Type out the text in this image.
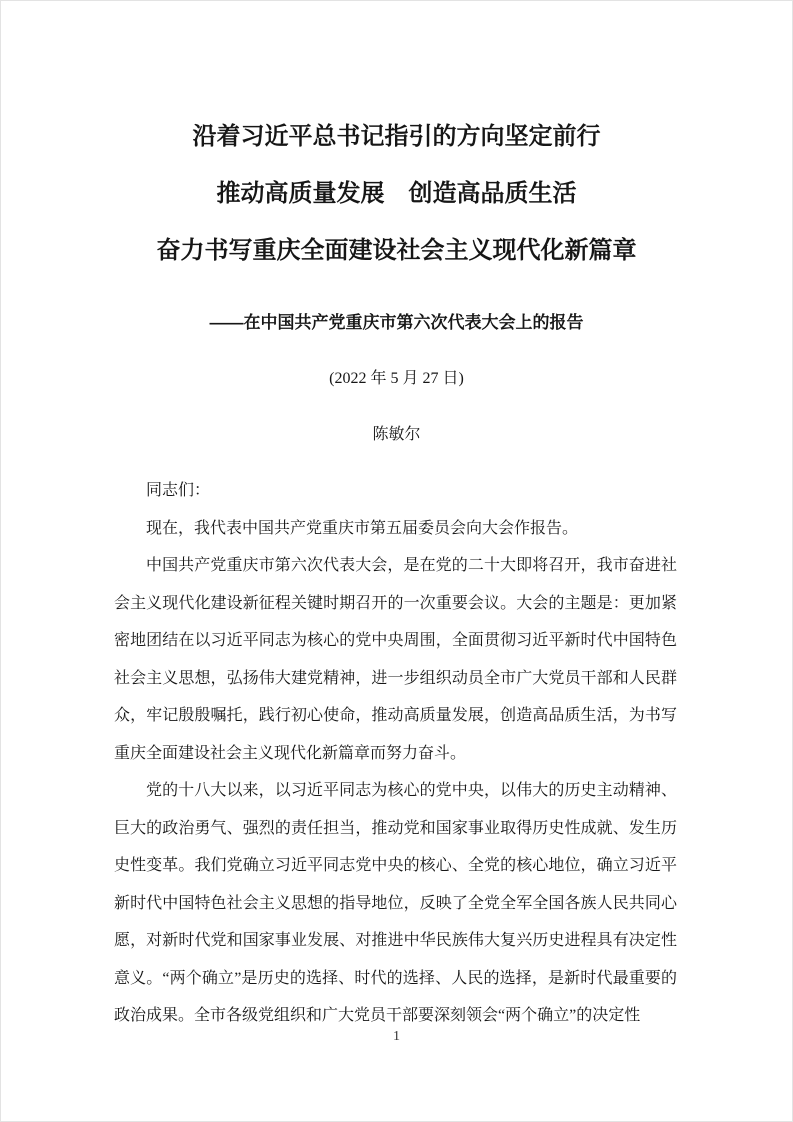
沿着习近平总书记指引的方向坚定前行
推动高质量发展　创造高品质生活
奋力书写重庆全面建设社会主义现代化新篇章
——在中国共产党重庆市第六次代表大会上的报告
(2022 年 5 月 27 日)
陈敏尔

同志们：

现在，我代表中国共产党重庆市第五届委员会向大会作报告。

中国共产党重庆市第六次代表大会，是在党的二十大即将召开，我市奋进社会主义现代化建设新征程关键时期召开的一次重要会议。大会的主题是：更加紧密地团结在以习近平同志为核心的党中央周围，全面贯彻习近平新时代中国特色社会主义思想，弘扬伟大建党精神，进一步组织动员全市广大党员干部和人民群众，牢记殷殷嘱托，践行初心使命，推动高质量发展，创造高品质生活，为书写重庆全面建设社会主义现代化新篇章而努力奋斗。

党的十八大以来，以习近平同志为核心的党中央，以伟大的历史主动精神、巨大的政治勇气、强烈的责任担当，推动党和国家事业取得历史性成就、发生历史性变革。我们党确立习近平同志党中央的核心、全党的核心地位，确立习近平新时代中国特色社会主义思想的指导地位，反映了全党全军全国各族人民共同心愿，对新时代党和国家事业发展、对推进中华民族伟大复兴历史进程具有决定性意义。“两个确立”是历史的选择、时代的选择、人民的选择，是新时代最重要的政治成果。全市各级党组织和广大党员干部要深刻领会“两个确立”的决定性

1
